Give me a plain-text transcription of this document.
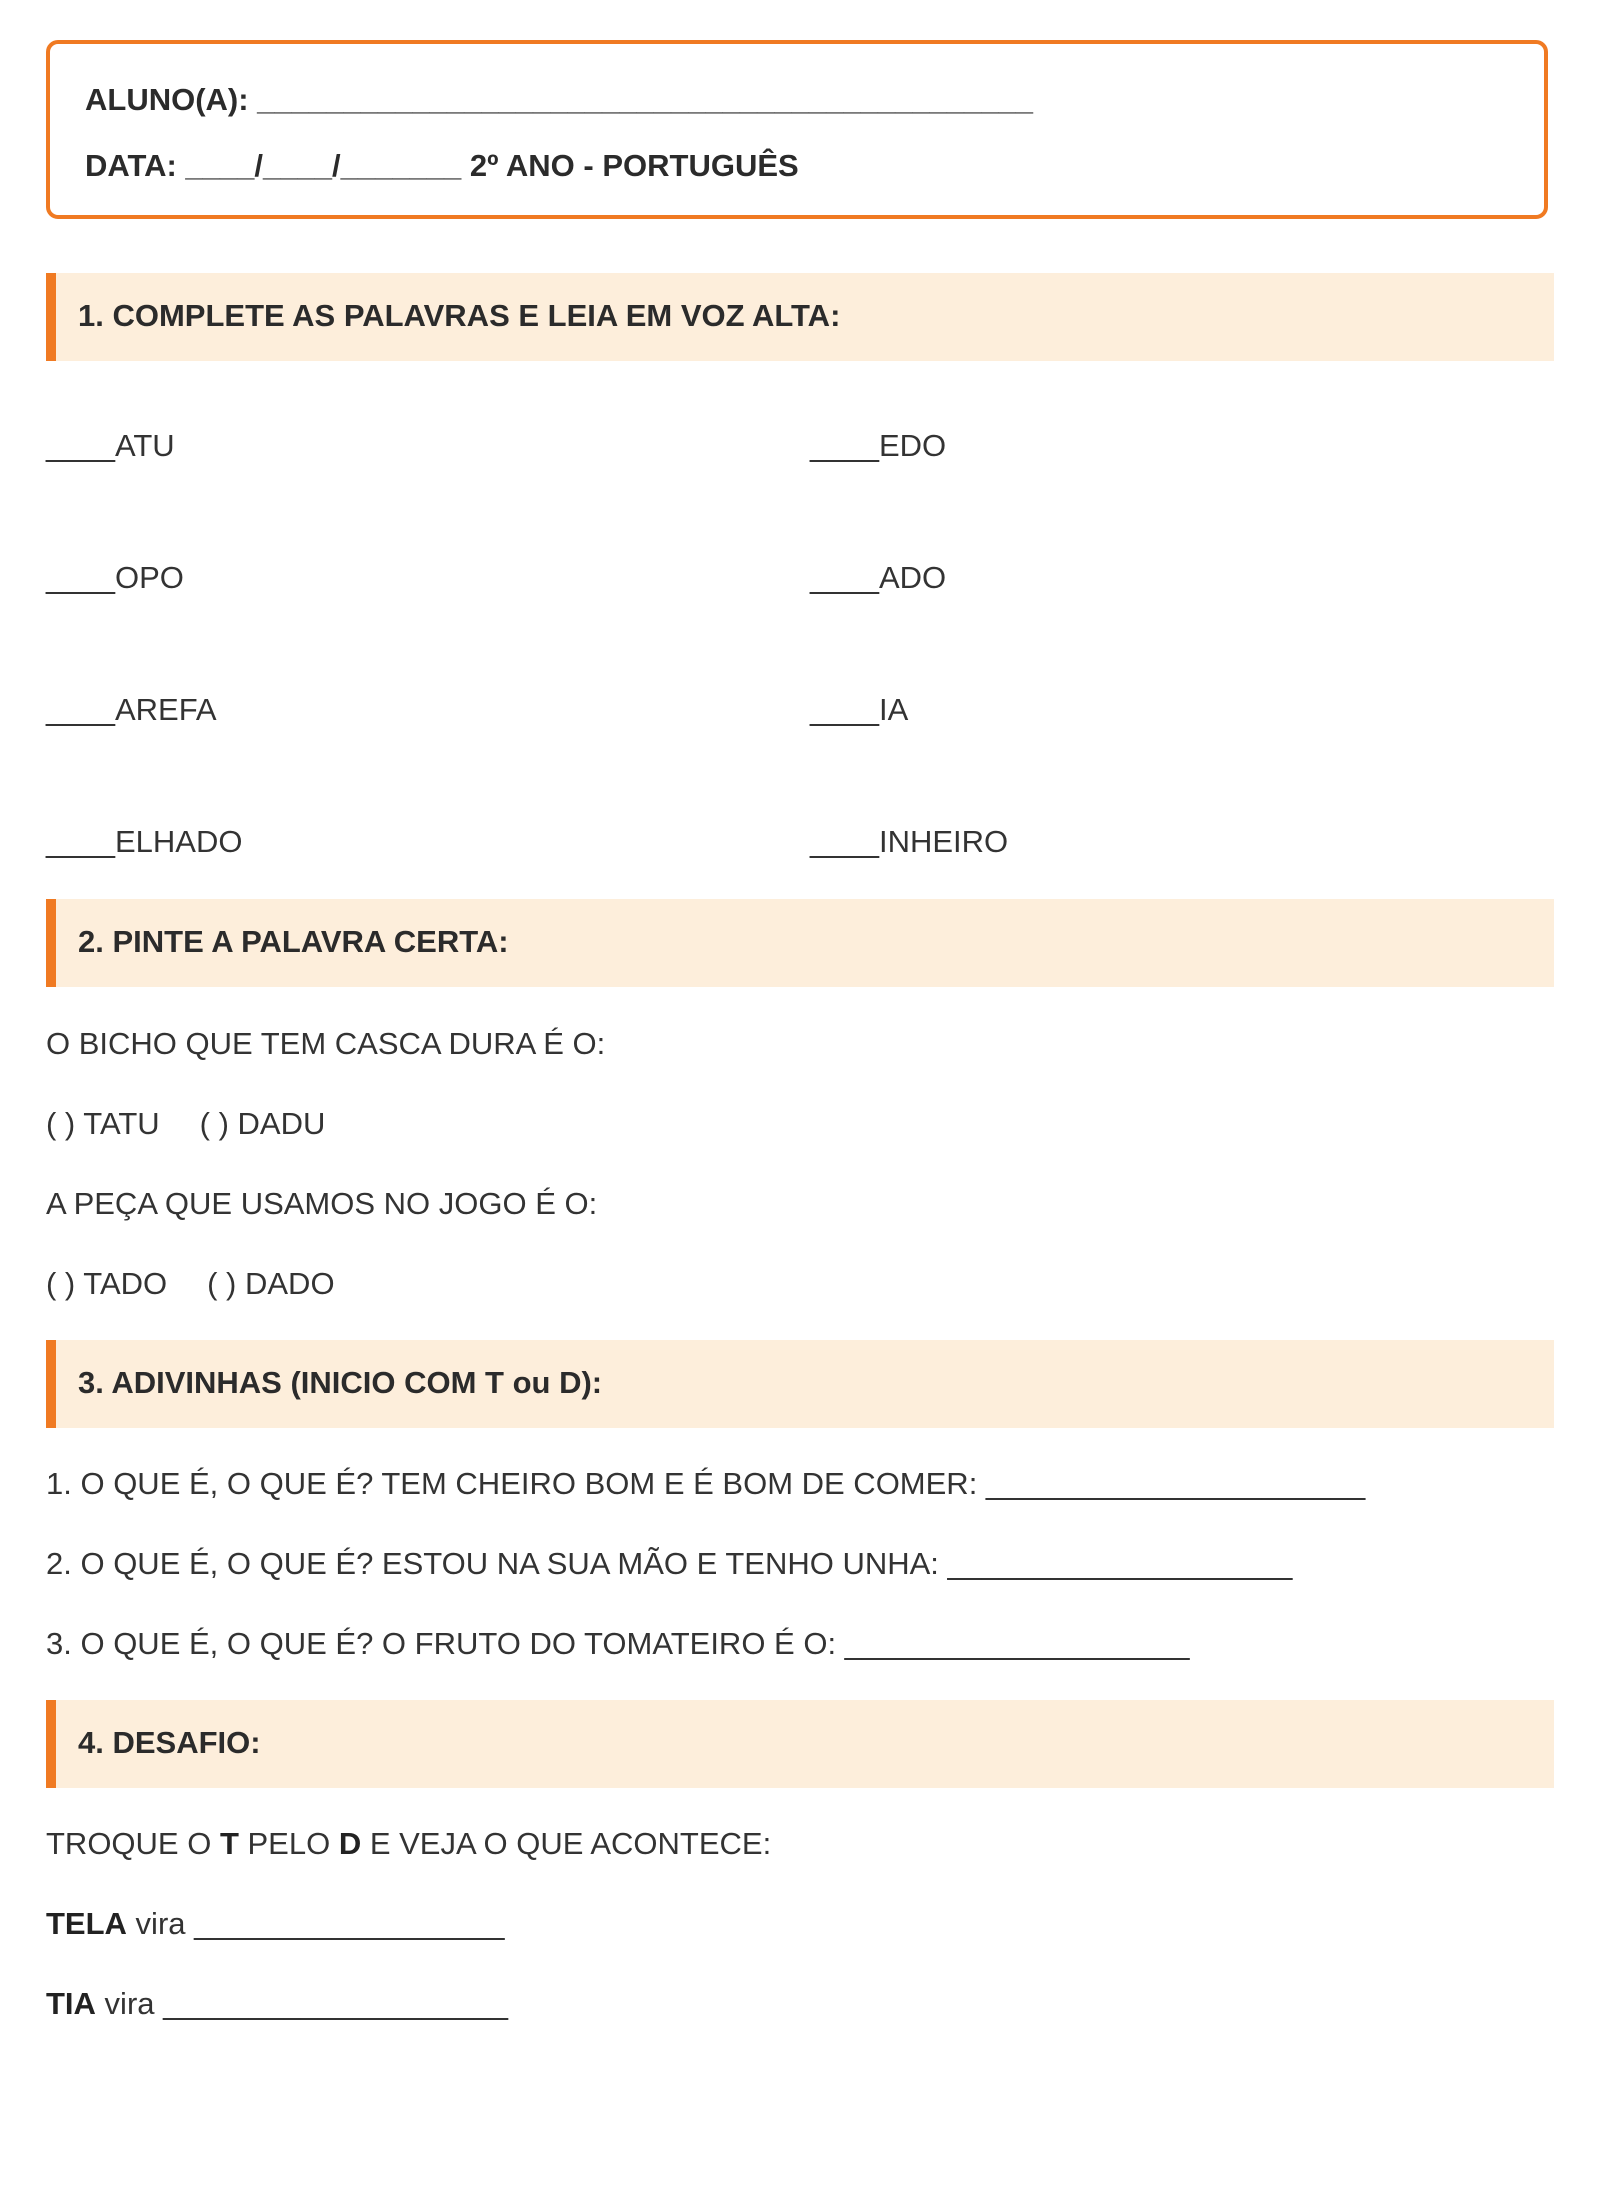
ALUNO(A): _____________________________________________
DATA: ____/____/_______ 2º ANO - PORTUGUÊS
1. COMPLETE AS PALAVRAS E LEIA EM VOZ ALTA:
____ATU	____EDO
____OPO	____ADO
____AREFA	____IA
____ELHADO	____INHEIRO
2. PINTE A PALAVRA CERTA:
O BICHO QUE TEM CASCA DURA É O:
( ) TATU ( ) DADU
A PEÇA QUE USAMOS NO JOGO É O:
( ) TADO ( ) DADO
3. ADIVINHAS (INICIO COM T ou D):
1. O QUE É, O QUE É? TEM CHEIRO BOM E É BOM DE COMER: ______________________
2. O QUE É, O QUE É? ESTOU NA SUA MÃO E TENHO UNHA: ____________________
3. O QUE É, O QUE É? O FRUTO DO TOMATEIRO É O: ____________________
4. DESAFIO:
TROQUE O T PELO D E VEJA O QUE ACONTECE:
TELA vira __________________
TIA vira ____________________
